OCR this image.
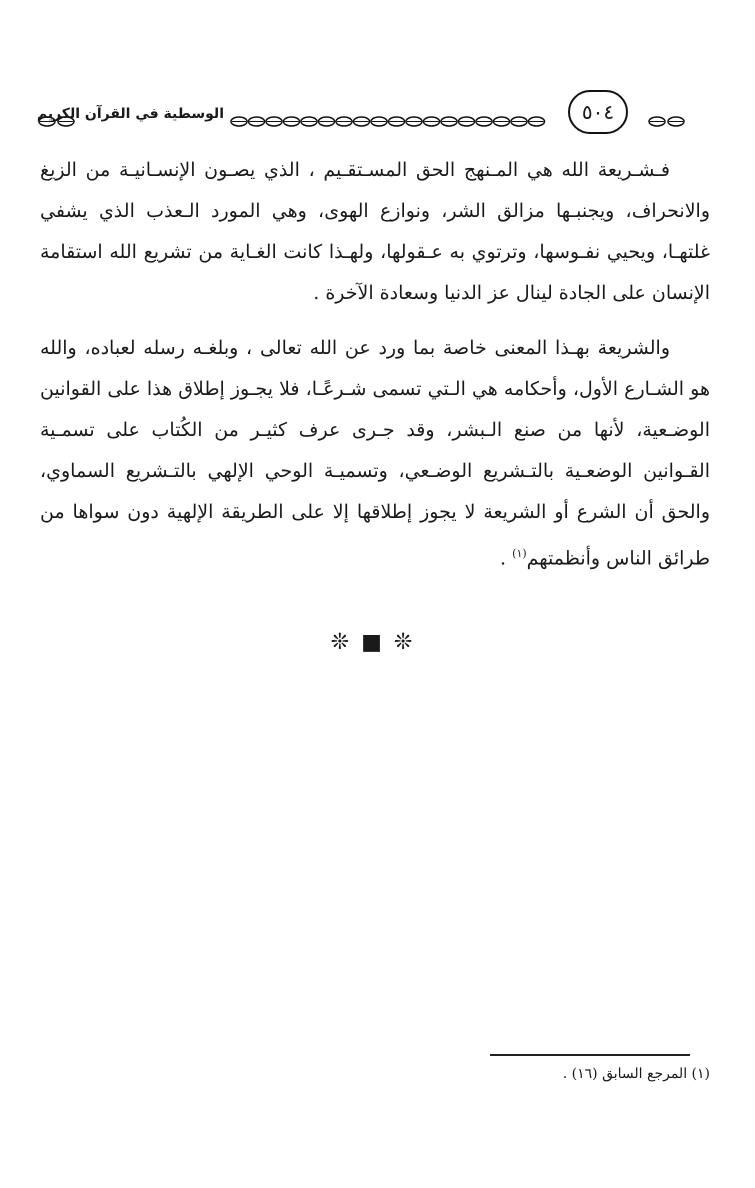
الوسطية في القرآن الكريم	٥٠٤

فـشـريعة الله هي المـنهج الحق المسـتقـيم ، الذي يصـون الإنسـانيـة من الزيغ والانحراف، ويجنبـها مزالق الشر، ونوازع الهوى، وهي المورد الـعذب الذي يشفي غلتهـا، ويحيي نفـوسها، وترتوي به عـقولها، ولهـذا كانت الغـاية من تشريع الله استقامة الإنسان على الجادة لينال عز الدنيا وسعادة الآخرة .

والشريعة بهـذا المعنى خاصة بما ورد عن الله تعالى ، وبلغـه رسله لعباده، والله هو الشـارع الأول، وأحكامه هي الـتي تسمى شـرعًـا، فلا يجـوز إطلاق هذا على القوانين الوضـعية، لأنها من صنع الـبشر، وقد جـرى عرف كثيـر من الكُتاب على تسمـية القـوانين الوضعـية بالتـشريع الوضـعي، وتسميـة الوحي الإلهي بالتـشريع السماوي، والحق أن الشرع أو الشريعة لا يجوز إطلاقها إلا على الطريقة الإلهية دون سواها من طرائق الناس وأنظمتهم$^{(١)}$ .

❊■❊
(١) المرجع السابق (١٦) .
